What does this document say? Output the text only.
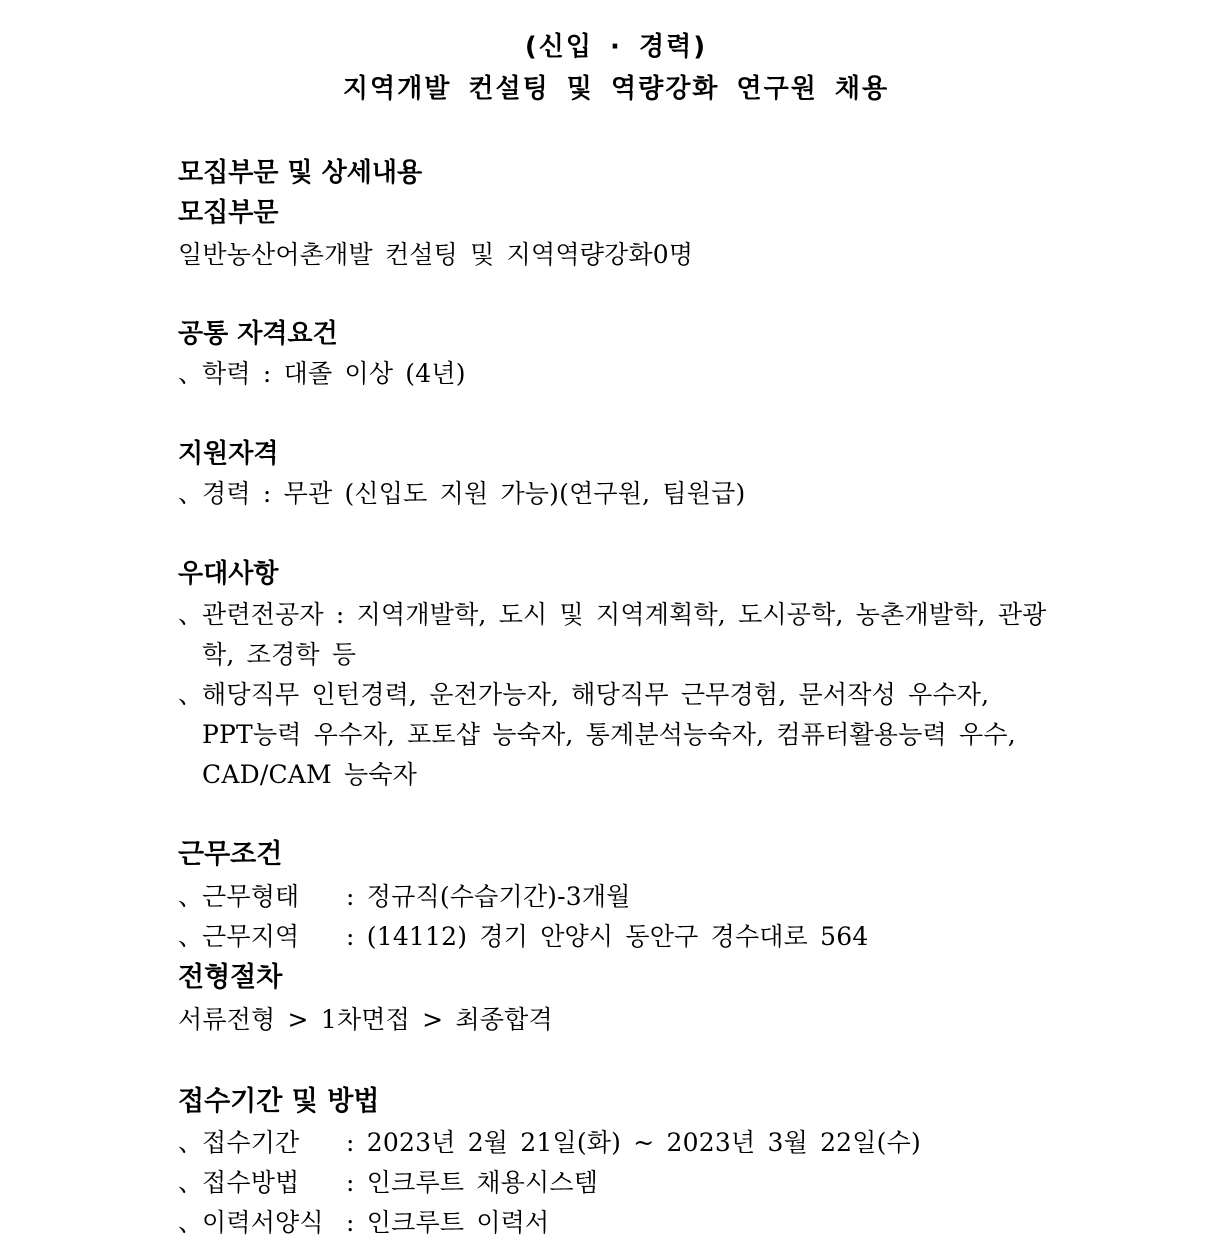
(신입 · 경력)
지역개발 컨설팅 및 역량강화 연구원 채용
모집부문 및 상세내용
모집부문
일반농산어촌개발 컨설팅 및 지역역량강화0명
공통 자격요건
、학력 : 대졸 이상 (4년)
지원자격
、경력 : 무관 (신입도 지원 가능)(연구원, 팀원급)
우대사항
、관련전공자 : 지역개발학, 도시 및 지역계획학, 도시공학, 농촌개발학, 관광
학, 조경학 등
、해당직무 인턴경력, 운전가능자, 해당직무 근무경험, 문서작성 우수자,
PPT능력 우수자, 포토샵 능숙자, 통계분석능숙자, 컴퓨터활용능력 우수,
CAD/CAM 능숙자
근무조건
、근무형태 : 정규직(수습기간)-3개월
、근무지역 : (14112) 경기 안양시 동안구 경수대로 564
전형절차
서류전형 > 1차면접 > 최종합격
접수기간 및 방법
、접수기간 : 2023년 2월 21일(화) ~ 2023년 3월 22일(수)
、접수방법 : 인크루트 채용시스템
、이력서양식 : 인크루트 이력서
